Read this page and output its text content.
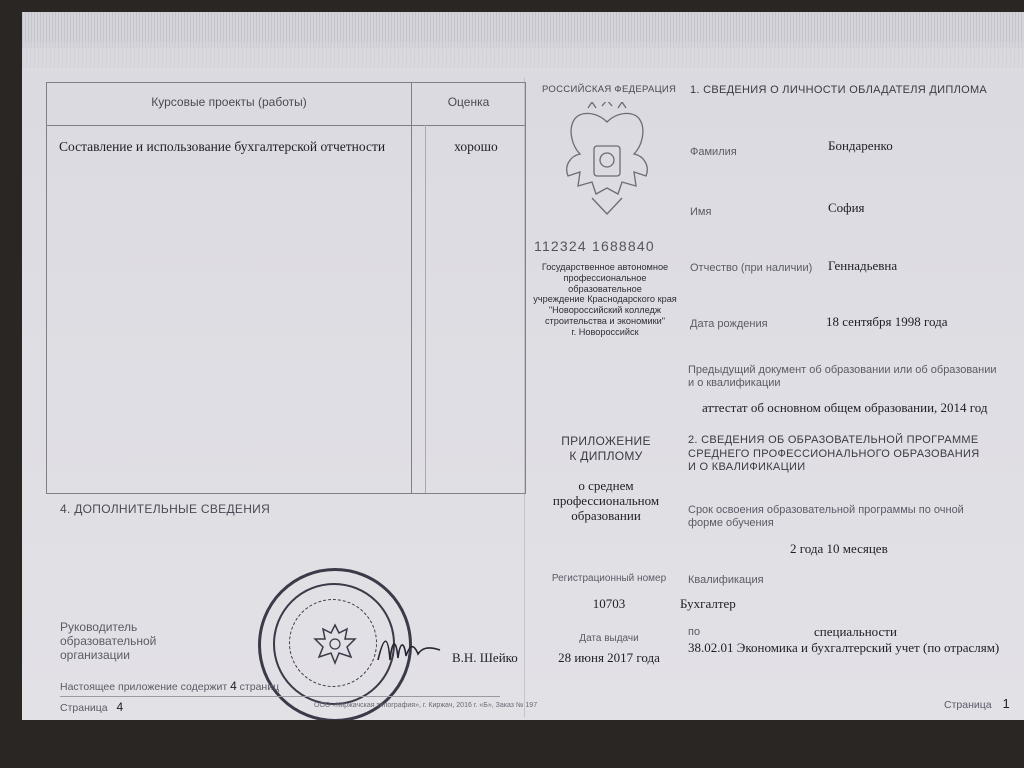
Курсовые проекты (работы)	Оценка
Составление и использование бухгалтерской отчетности	хорошо
4. ДОПОЛНИТЕЛЬНЫЕ СВЕДЕНИЯ
Руководитель
образовательной
организации	В.Н. Шейко
Настоящее приложение содержит 4 страниц
Страница 4	ООО «Киржачская типография», г. Киржач, 2016 г. «Б», Заказ № 197
РОССИЙСКАЯ ФЕДЕРАЦИЯ
112324 1688840
Государственное автономное
профессиональное образовательное
учреждение Краснодарского края
"Новороссийский колледж
строительства и экономики"
г. Новороссийск
ПРИЛОЖЕНИЕ
К ДИПЛОМУ
о среднем
профессиональном
образовании
Регистрационный номер
10703
Дата выдачи
28 июня 2017 года
1. СВЕДЕНИЯ О ЛИЧНОСТИ ОБЛАДАТЕЛЯ ДИПЛОМА
Фамилия	Бондаренко
Имя	София
Отчество (при наличии) Геннадьевна
Дата рождения	18 сентября 1998 года
Предыдущий документ об образовании или об образовании
и о квалификации
аттестат об основном общем образовании, 2014 год
2. СВЕДЕНИЯ ОБ ОБРАЗОВАТЕЛЬНОЙ ПРОГРАММЕ
СРЕДНЕГО ПРОФЕССИОНАЛЬНОГО ОБРАЗОВАНИЯ
И О КВАЛИФИКАЦИИ
Срок освоения образовательной программы по очной
форме обучения
2 года 10 месяцев
Квалификация
Бухгалтер
по	специальности
38.02.01 Экономика и бухгалтерский учет (по отраслям)
Страница 1
